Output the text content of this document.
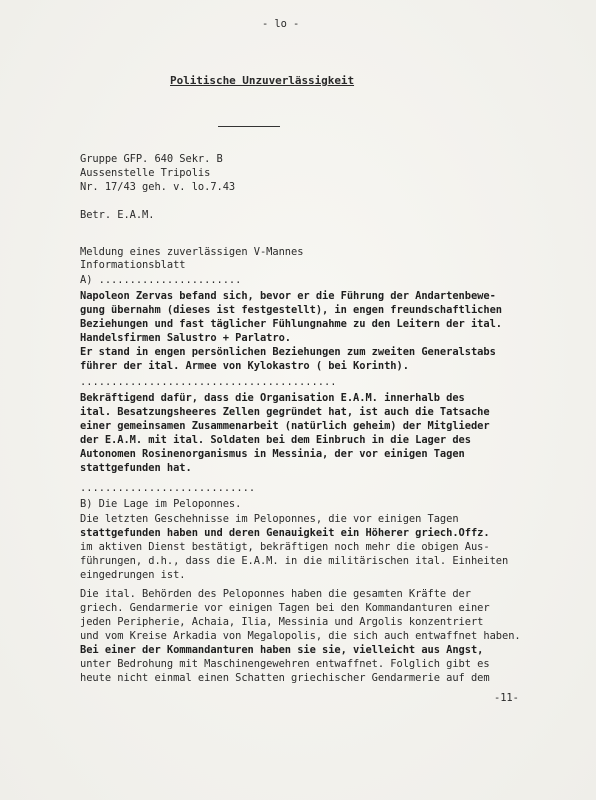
- lo -
Politische Unzuverlässigkeit
Gruppe GFP. 640 Sekr. B
Aussenstelle Tripolis
Nr. 17/43 geh. v. lo.7.43
Betr. E.A.M.
Meldung eines zuverlässigen V-Mannes
Informationsblatt
A) .......................
Napoleon Zervas befand sich, bevor er die Führung der Andartenbewe-
gung übernahm (dieses ist festgestellt), in engen freundschaftlichen
Beziehungen und fast täglicher Fühlungnahme zu den Leitern der ital.
Handelsfirmen Salustro + Parlatro.
Er stand in engen persönlichen Beziehungen zum zweiten Generalstabs
führer der ital. Armee von Kylokastro ( bei Korinth).
.........................................
Bekräftigend dafür, dass die Organisation E.A.M. innerhalb des
ital. Besatzungsheeres Zellen gegründet hat, ist auch die Tatsache
einer gemeinsamen Zusammenarbeit (natürlich geheim) der Mitglieder
der E.A.M. mit ital. Soldaten bei dem Einbruch in die Lager des
Autonomen Rosinenorganismus in Messinia, der vor einigen Tagen
stattgefunden hat.
............................
B) Die Lage im Peloponnes.
Die letzten Geschehnisse im Peloponnes, die vor einigen Tagen
stattgefunden haben und deren Genauigkeit ein Höherer griech.Offz.
im aktiven Dienst bestätigt, bekräftigen noch mehr die obigen Aus-
führungen, d.h., dass die E.A.M. in die militärischen ital. Einheiten
eingedrungen ist.
Die ital. Behörden des Peloponnes haben die gesamten Kräfte der
griech. Gendarmerie vor einigen Tagen bei den Kommandanturen einer
jeden Peripherie, Achaia, Ilia, Messinia und Argolis konzentriert
und vom Kreise Arkadia von Megalopolis, die sich auch entwaffnet haben.
Bei einer der Kommandanturen haben sie sie, vielleicht aus Angst,
unter Bedrohung mit Maschinengewehren entwaffnet. Folglich gibt es
heute nicht einmal einen Schatten griechischer Gendarmerie auf dem
-11-
